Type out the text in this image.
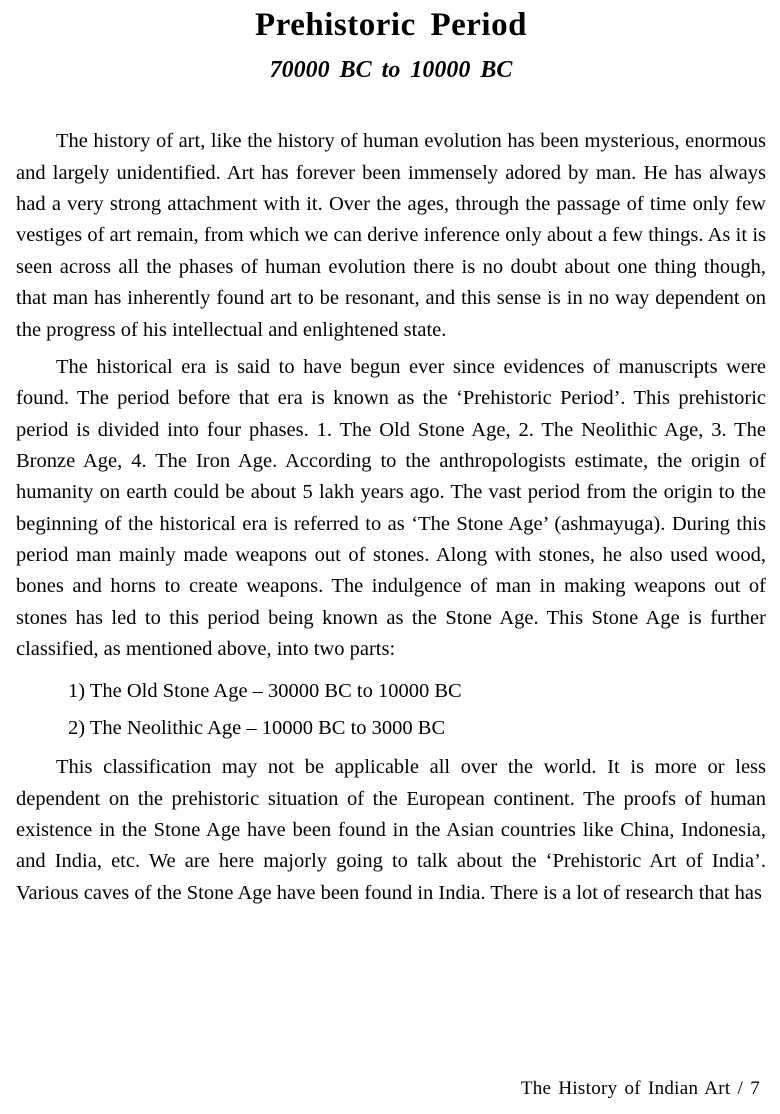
Prehistoric Period
70000 BC to 10000 BC

The history of art, like the history of human evolution has been mysterious, enormous and largely unidentified. Art has forever been immensely adored by man. He has always had a very strong attachment with it. Over the ages, through the passage of time only few vestiges of art remain, from which we can derive inference only about a few things. As it is seen across all the phases of human evolution there is no doubt about one thing though, that man has inherently found art to be resonant, and this sense is in no way dependent on the progress of his intellectual and enlightened state.

The historical era is said to have begun ever since evidences of manuscripts were found. The period before that era is known as the ‘Prehistoric Period’. This prehistoric period is divided into four phases. 1. The Old Stone Age, 2. The Neolithic Age, 3. The Bronze Age, 4. The Iron Age. According to the anthropologists estimate, the origin of humanity on earth could be about 5 lakh years ago. The vast period from the origin to the beginning of the historical era is referred to as ‘The Stone Age’ (ashmayuga). During this period man mainly made weapons out of stones. Along with stones, he also used wood, bones and horns to create weapons. The indulgence of man in making weapons out of stones has led to this period being known as the Stone Age. This Stone Age is further classified, as mentioned above, into two parts:

1) The Old Stone Age – 30000 BC to 10000 BC
2) The Neolithic Age – 10000 BC to 3000 BC

This classification may not be applicable all over the world. It is more or less dependent on the prehistoric situation of the European continent. The proofs of human existence in the Stone Age have been found in the Asian countries like China, Indonesia, and India, etc. We are here majorly going to talk about the ‘Prehistoric Art of India’. Various caves of the Stone Age have been found in India. There is a lot of research that has

The History of Indian Art / 7
